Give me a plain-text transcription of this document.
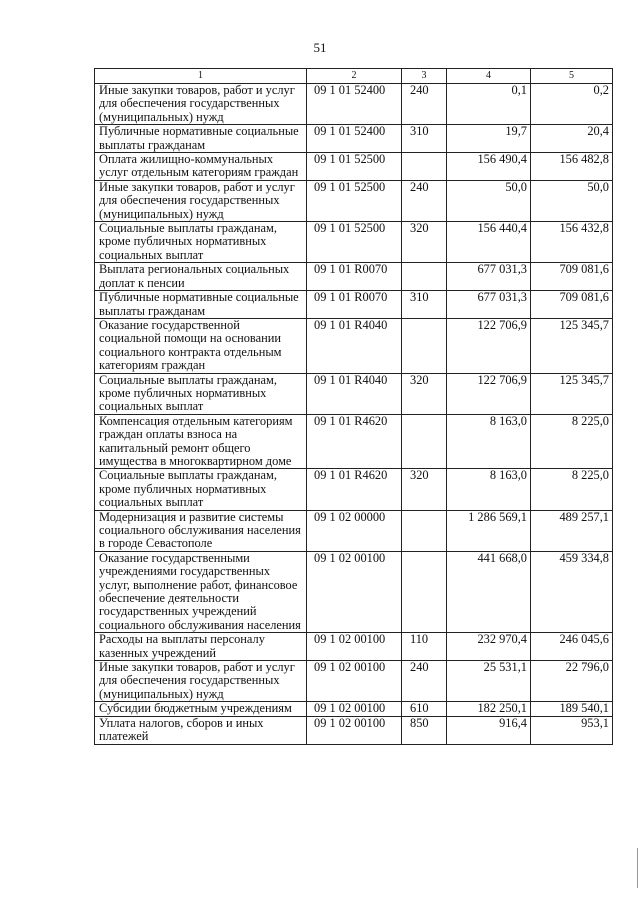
51
1	2	3	4	5
Иные закупки товаров, работ и услуг для обеспечения государственных (муниципальных) нужд	09 1 01 52400	240	0,1	0,2
Публичные нормативные социальные выплаты гражданам	09 1 01 52400	310	19,7	20,4
Оплата жилищно-коммунальных услуг отдельным категориям граждан	09 1 01 52500		156 490,4	156 482,8
Иные закупки товаров, работ и услуг для обеспечения государственных (муниципальных) нужд	09 1 01 52500	240	50,0	50,0
Социальные выплаты гражданам, кроме публичных нормативных социальных выплат	09 1 01 52500	320	156 440,4	156 432,8
Выплата региональных социальных доплат к пенсии	09 1 01 R0070		677 031,3	709 081,6
Публичные нормативные социальные выплаты гражданам	09 1 01 R0070	310	677 031,3	709 081,6
Оказание государственной социальной помощи на основании социального контракта отдельным категориям граждан	09 1 01 R4040		122 706,9	125 345,7
Социальные выплаты гражданам, кроме публичных нормативных социальных выплат	09 1 01 R4040	320	122 706,9	125 345,7
Компенсация отдельным категориям граждан оплаты взноса на капитальный ремонт общего имущества в многоквартирном доме	09 1 01 R4620		8 163,0	8 225,0
Социальные выплаты гражданам, кроме публичных нормативных социальных выплат	09 1 01 R4620	320	8 163,0	8 225,0
Модернизация и развитие системы социального обслуживания населения в городе Севастополе	09 1 02 00000		1 286 569,1	489 257,1
Оказание государственными учреждениями государственных услуг, выполнение работ, финансовое обеспечение деятельности государственных учреждений социального обслуживания населения	09 1 02 00100		441 668,0	459 334,8
Расходы на выплаты персоналу казенных учреждений	09 1 02 00100	110	232 970,4	246 045,6
Иные закупки товаров, работ и услуг для обеспечения государственных (муниципальных) нужд	09 1 02 00100	240	25 531,1	22 796,0
Субсидии бюджетным учреждениям	09 1 02 00100	610	182 250,1	189 540,1
Уплата налогов, сборов и иных платежей	09 1 02 00100	850	916,4	953,1
